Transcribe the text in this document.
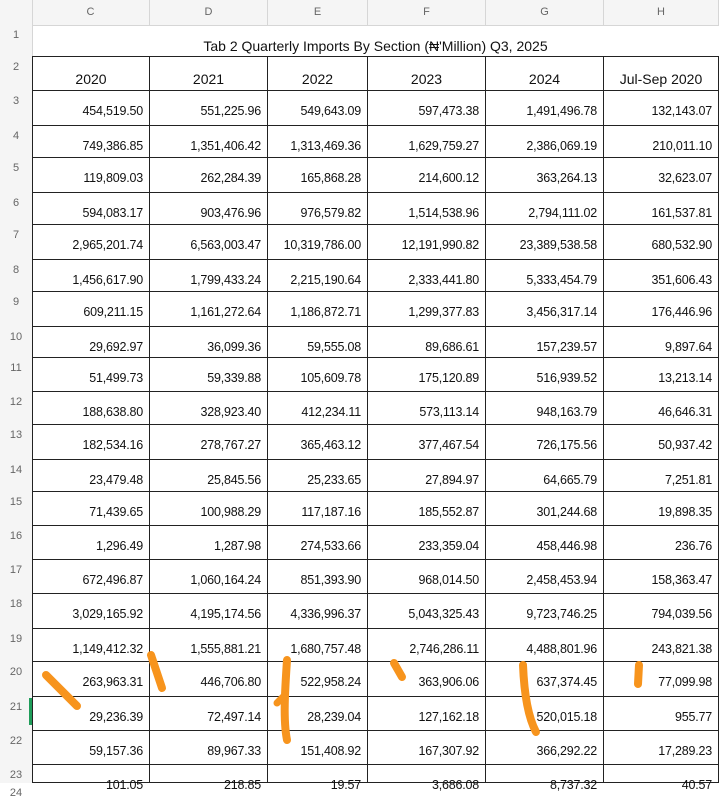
C	D	E	F	G	H
1
2
3
4
5
6
7
8
9
10
11
12
13
14
15
16
17
18
19
20
21
22
23
24
Tab 2 Quarterly Imports By Section (₦'Million) Q3, 2025
2020	2021	2022	2023	2024	Jul-Sep 2020
454,519.50	551,225.96	549,643.09	597,473.38	1,491,496.78	132,143.07
749,386.85	1,351,406.42	1,313,469.36	1,629,759.27	2,386,069.19	210,011.10
119,809.03	262,284.39	165,868.28	214,600.12	363,264.13	32,623.07
594,083.17	903,476.96	976,579.82	1,514,538.96	2,794,111.02	161,537.81
2,965,201.74	6,563,003.47	10,319,786.00	12,191,990.82	23,389,538.58	680,532.90
1,456,617.90	1,799,433.24	2,215,190.64	2,333,441.80	5,333,454.79	351,606.43
609,211.15	1,161,272.64	1,186,872.71	1,299,377.83	3,456,317.14	176,446.96
29,692.97	36,099.36	59,555.08	89,686.61	157,239.57	9,897.64
51,499.73	59,339.88	105,609.78	175,120.89	516,939.52	13,213.14
188,638.80	328,923.40	412,234.11	573,113.14	948,163.79	46,646.31
182,534.16	278,767.27	365,463.12	377,467.54	726,175.56	50,937.42
23,479.48	25,845.56	25,233.65	27,894.97	64,665.79	7,251.81
71,439.65	100,988.29	117,187.16	185,552.87	301,244.68	19,898.35
1,296.49	1,287.98	274,533.66	233,359.04	458,446.98	236.76
672,496.87	1,060,164.24	851,393.90	968,014.50	2,458,453.94	158,363.47
3,029,165.92	4,195,174.56	4,336,996.37	5,043,325.43	9,723,746.25	794,039.56
1,149,412.32	1,555,881.21	1,680,757.48	2,746,286.11	4,488,801.96	243,821.38
263,963.31	446,706.80	522,958.24	363,906.06	637,374.45	77,099.98
29,236.39	72,497.14	28,239.04	127,162.18	520,015.18	955.77
59,157.36	89,967.33	151,408.92	167,307.92	366,292.22	17,289.23
101.05	218.85	19.57	3,686.08	8,737.32	40.57
